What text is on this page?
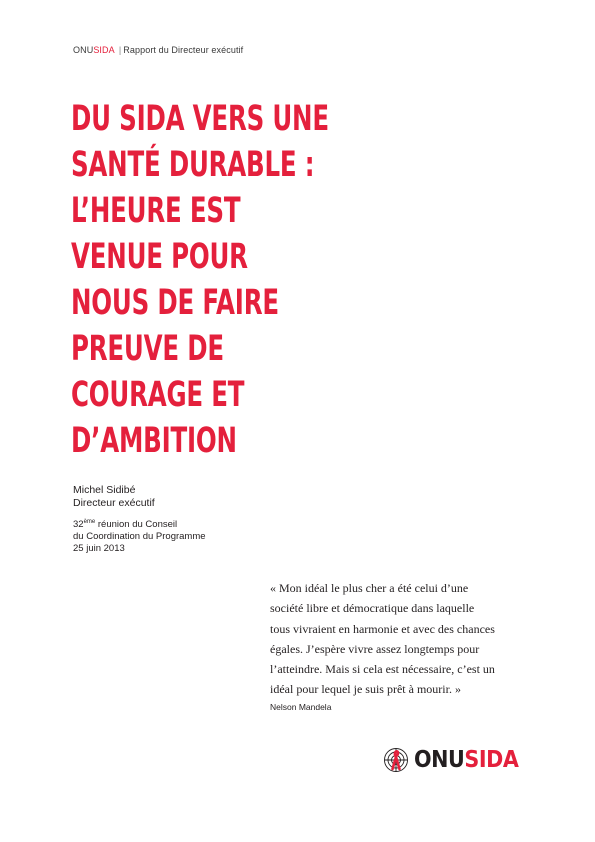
ONUSIDA | Rapport du Directeur exécutif
DU SIDA VERS UNE
SANTÉ DURABLE :
L’HEURE EST
VENUE POUR
NOUS DE FAIRE
PREUVE DE
COURAGE ET
D’AMBITION
Michel Sidibé
Directeur exécutif
32ème réunion du Conseil
du Coordination du Programme
25 juin 2013
« Mon idéal le plus cher a été celui d’une
société libre et démocratique dans laquelle
tous vivraient en harmonie et avec des chances
égales. J’espère vivre assez longtemps pour
l’atteindre. Mais si cela est nécessaire, c’est un
idéal pour lequel je suis prêt à mourir. »
Nelson Mandela
ONUSIDA
